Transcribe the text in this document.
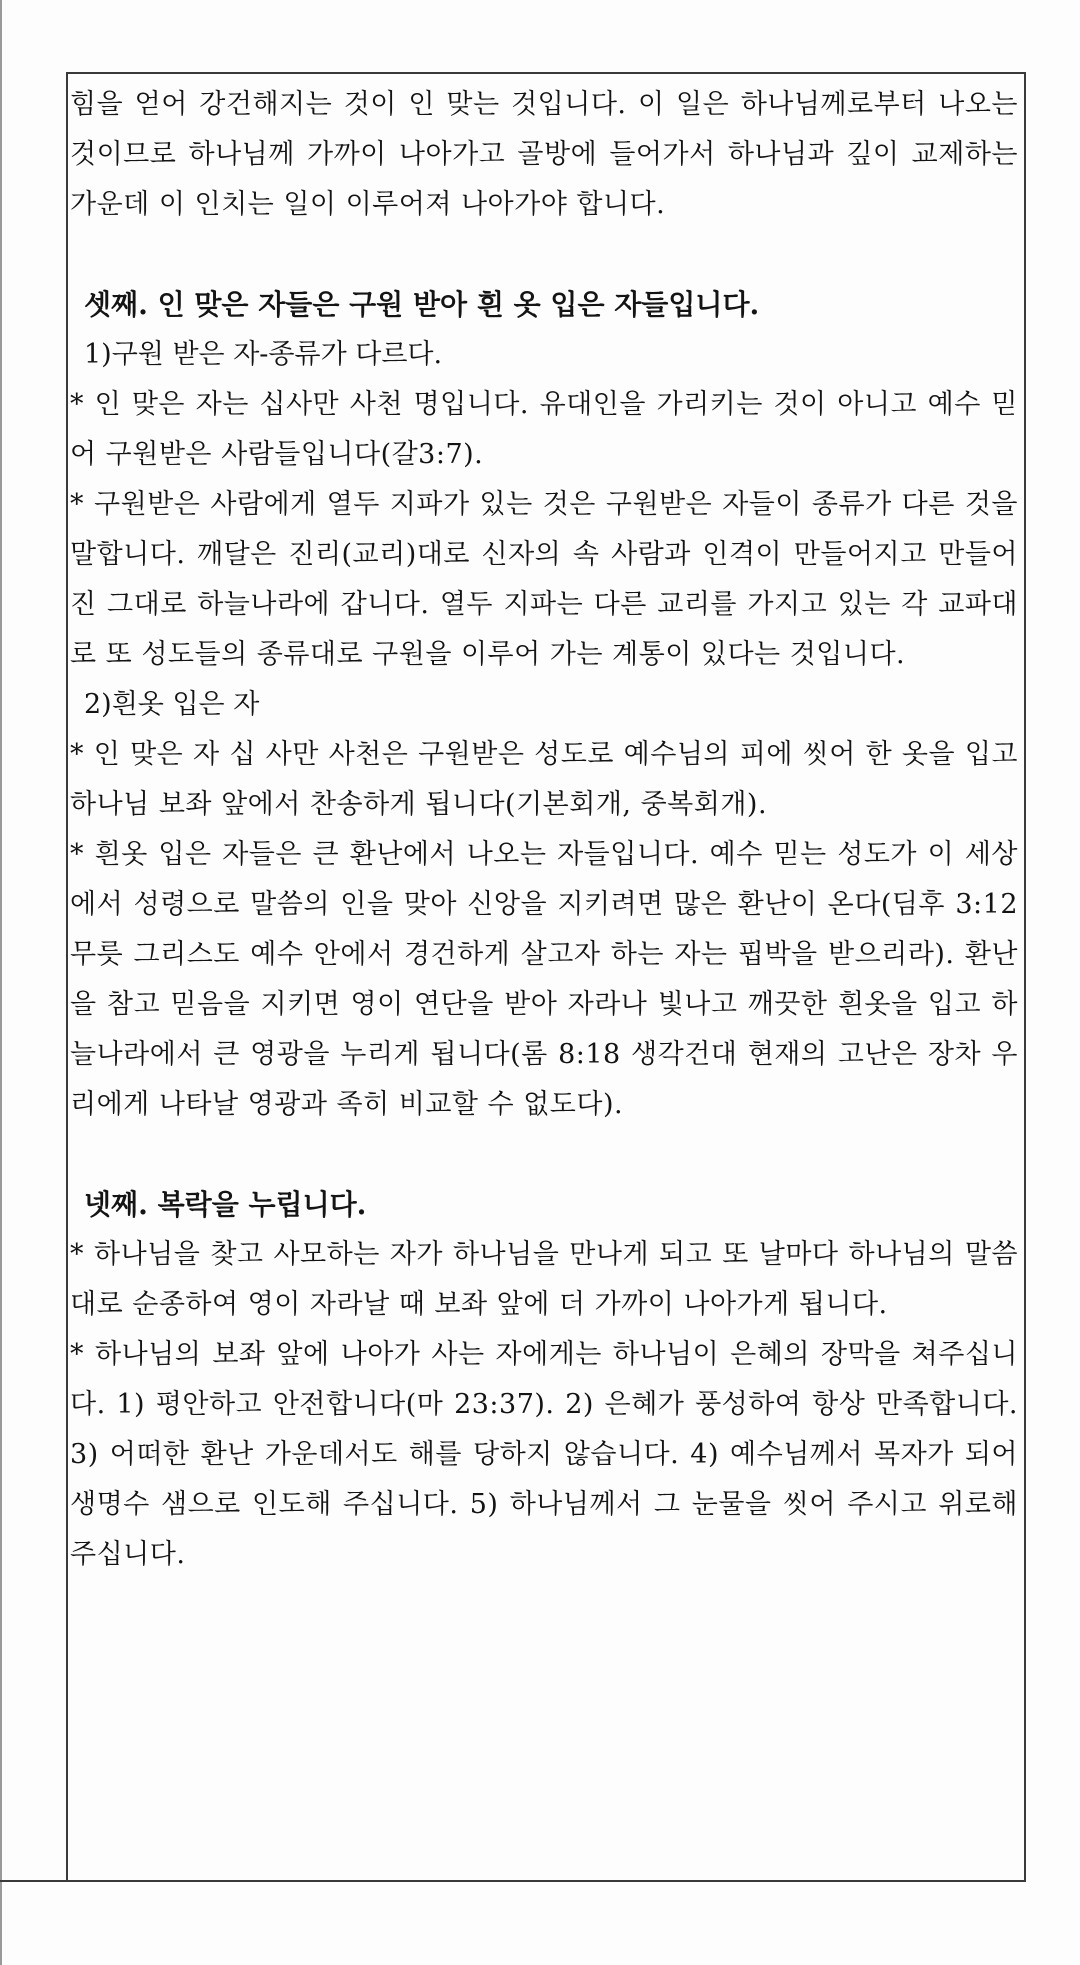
힘을 얻어 강건해지는 것이 인 맞는 것입니다. 이 일은 하나님께로부터 나오는 것이므로 하나님께 가까이 나아가고 골방에 들어가서 하나님과 깊이 교제하는 가운데 이 인치는 일이 이루어져 나아가야 합니다.

셋째. 인 맞은 자들은 구원 받아 흰 옷 입은 자들입니다.

1)구원 받은 자-종류가 다르다.

* 인 맞은 자는 십사만 사천 명입니다. 유대인을 가리키는 것이 아니고 예수 믿어 구원받은 사람들입니다(갈3:7).

* 구원받은 사람에게 열두 지파가 있는 것은 구원받은 자들이 종류가 다른 것을 말합니다. 깨달은 진리(교리)대로 신자의 속 사람과 인격이 만들어지고 만들어진 그대로 하늘나라에 갑니다. 열두 지파는 다른 교리를 가지고 있는 각 교파대로 또 성도들의 종류대로 구원을 이루어 가는 계통이 있다는 것입니다.

2)흰옷 입은 자

* 인 맞은 자 십 사만 사천은 구원받은 성도로 예수님의 피에 씻어 한 옷을 입고 하나님 보좌 앞에서 찬송하게 됩니다(기본회개, 중복회개).

* 흰옷 입은 자들은 큰 환난에서 나오는 자들입니다. 예수 믿는 성도가 이 세상에서 성령으로 말씀의 인을 맞아 신앙을 지키려면 많은 환난이 온다(딤후 3:12 무릇 그리스도 예수 안에서 경건하게 살고자 하는 자는 핍박을 받으리라). 환난을 참고 믿음을 지키면 영이 연단을 받아 자라나 빛나고 깨끗한 흰옷을 입고 하늘나라에서 큰 영광을 누리게 됩니다(롬 8:18 생각건대 현재의 고난은 장차 우리에게 나타날 영광과 족히 비교할 수 없도다).

넷째. 복락을 누립니다.

* 하나님을 찾고 사모하는 자가 하나님을 만나게 되고 또 날마다 하나님의 말씀대로 순종하여 영이 자라날 때 보좌 앞에 더 가까이 나아가게 됩니다.

* 하나님의 보좌 앞에 나아가 사는 자에게는 하나님이 은혜의 장막을 쳐주십니다. 1) 평안하고 안전합니다(마 23:37). 2) 은혜가 풍성하여 항상 만족합니다. 3) 어떠한 환난 가운데서도 해를 당하지 않습니다. 4) 예수님께서 목자가 되어 생명수 샘으로 인도해 주십니다. 5) 하나님께서 그 눈물을 씻어 주시고 위로해 주십니다.
